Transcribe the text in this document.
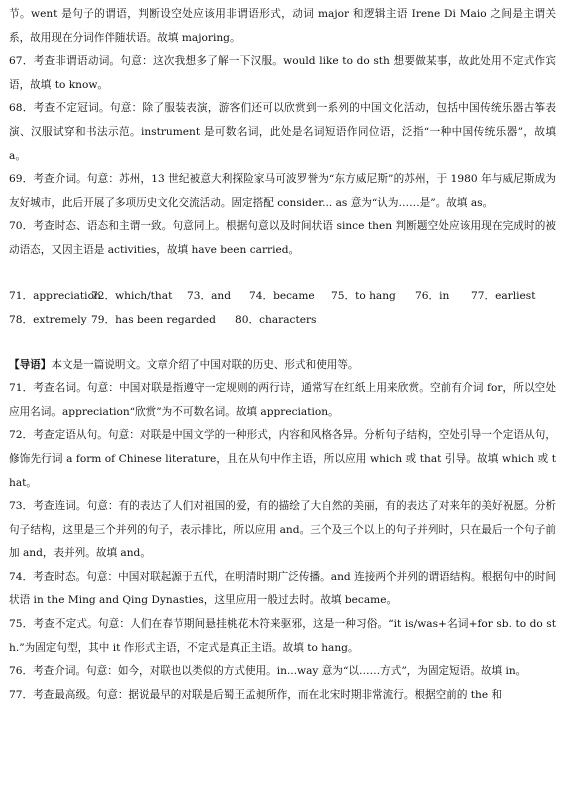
节。went 是句子的谓语，判断设空处应该用非谓语形式，动词 major 和逻辑主语 Irene Di Maio 之间是主谓关系，故用现在分词作伴随状语。故填 majoring。

67．考查非谓语动词。句意：这次我想多了解一下汉服。would like to do sth 想要做某事，故此处用不定式作宾语，故填 to know。

68．考查不定冠词。句意：除了服装表演，游客们还可以欣赏到一系列的中国文化活动，包括中国传统乐器古筝表演、汉服试穿和书法示范。instrument 是可数名词，此处是名词短语作同位语，泛指“一种中国传统乐器”，故填 a。

69．考查介词。句意：苏州，13 世纪被意大利探险家马可波罗誉为“东方威尼斯”的苏州，于 1980 年与威尼斯成为友好城市，此后开展了多项历史文化交流活动。固定搭配 consider... as 意为“认为……是”。故填 as。

70．考查时态、语态和主谓一致。句意同上。根据句意以及时间状语 since then 判断题空处应该用现在完成时的被动语态，又因主语是 activities，故填 have been carried。

71．appreciation
72．which/that	73．and	74．became	75．to hang	76．in	77．earliest
78．extremely 79．has been regarded	80．characters

【导语】本文是一篇说明文。文章介绍了中国对联的历史、形式和使用等。

71．考查名词。句意：中国对联是指遵守一定规则的两行诗，通常写在红纸上用来欣赏。空前有介词 for，所以空处应用名词。appreciation“欣赏”为不可数名词。故填 appreciation。

72．考查定语从句。句意：对联是中国文学的一种形式，内容和风格各异。分析句子结构，空处引导一个定语从句，修饰先行词 a form of Chinese literature，且在从句中作主语，所以应用 which 或 that 引导。故填 which 或 that。

73．考查连词。句意：有的表达了人们对祖国的爱，有的描绘了大自然的美丽，有的表达了对来年的美好祝愿。分析句子结构，这里是三个并列的句子，表示排比，所以应用 and。三个及三个以上的句子并列时，只在最后一个句子前加 and，表并列。故填 and。

74．考查时态。句意：中国对联起源于五代，在明清时期广泛传播。and 连接两个并列的谓语结构。根据句中的时间状语 in the Ming and Qing Dynasties，这里应用一般过去时。故填 became。

75．考查不定式。句意：人们在春节期间悬挂桃花木符来驱邪，这是一种习俗。“it is/was+名词+for sb. to do sth.”为固定句型，其中 it 作形式主语，不定式是真正主语。故填 to hang。

76．考查介词。句意：如今，对联也以类似的方式使用。in...way 意为“以……方式”，为固定短语。故填 in。

77．考查最高级。句意：据说最早的对联是后蜀王孟昶所作，而在北宋时期非常流行。根据空前的 the 和
